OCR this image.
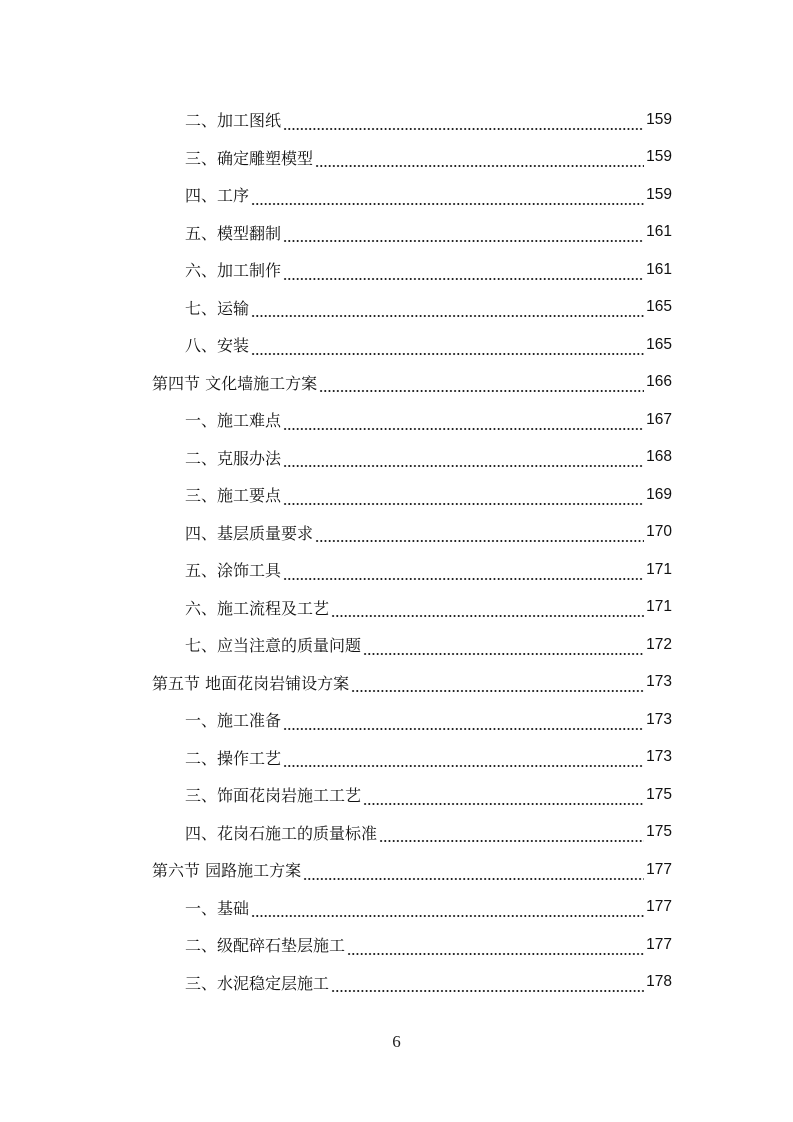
二、加工图纸	159
三、确定雕塑模型	159
四、工序	159
五、模型翻制	161
六、加工制作	161
七、运输	165
八、安装	165
第四节 文化墙施工方案	166
一、施工难点	167
二、克服办法	168
三、施工要点	169
四、基层质量要求	170
五、涂饰工具	171
六、施工流程及工艺	171
七、应当注意的质量问题	172
第五节 地面花岗岩铺设方案	173
一、施工准备	173
二、操作工艺	173
三、饰面花岗岩施工工艺	175
四、花岗石施工的质量标准	175
第六节 园路施工方案	177
一、基础	177
二、级配碎石垫层施工	177
三、水泥稳定层施工	178
6
